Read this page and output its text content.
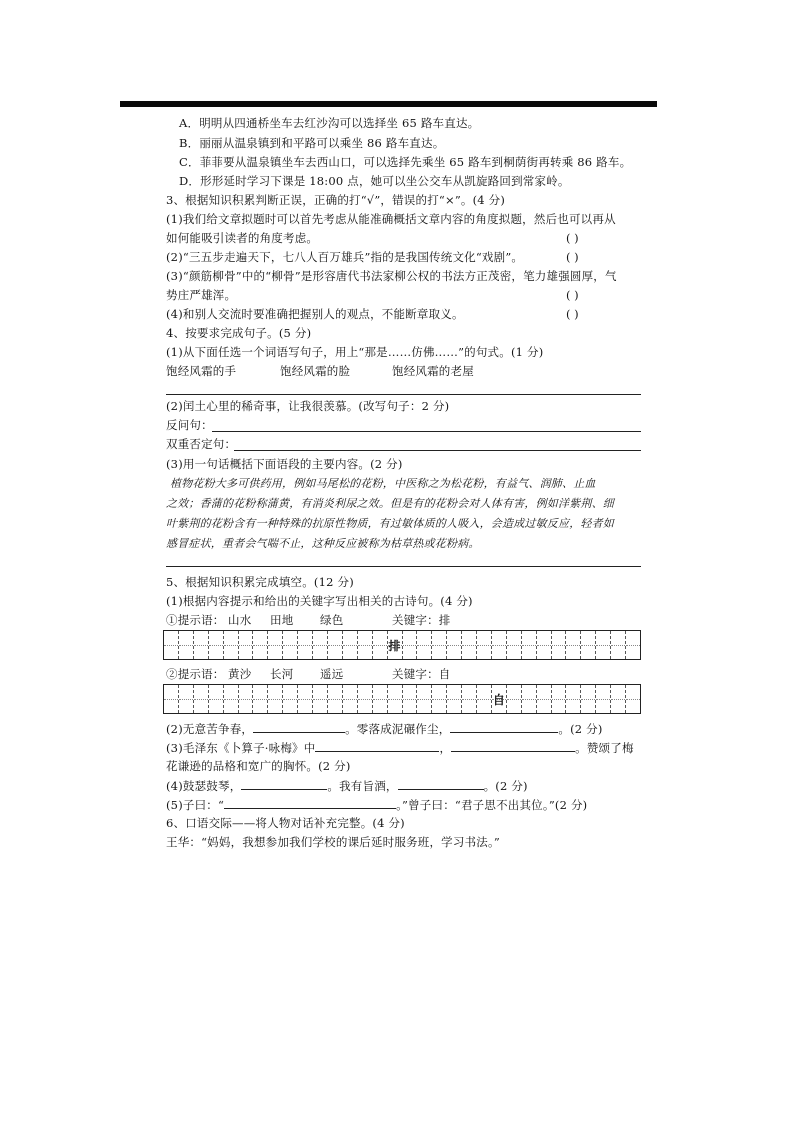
A．明明从四通桥坐车去红沙沟可以选择坐 65 路车直达。
B．丽丽从温泉镇到和平路可以乘坐 86 路车直达。
C．菲菲要从温泉镇坐车去西山口，可以选择先乘坐 65 路车到桐荫街再转乘 86 路车。
D．形形延时学习下课是 18:00 点，她可以坐公交车从凯旋路回到常家岭。
3、根据知识积累判断正误，正确的打“√”，错误的打“×”。(4 分)
(1)我们给文章拟题时可以首先考虑从能准确概括文章内容的角度拟题，然后也可以再从
如何能吸引读者的角度考虑。	( )
(2)“三五步走遍天下，七八人百万雄兵”指的是我国传统文化“戏剧”。	( )
(3)“颜筋柳骨”中的“柳骨”是形容唐代书法家柳公权的书法方正茂密，笔力雄强圆厚，气
势庄严雄浑。	( )
(4)和别人交流时要准确把握别人的观点，不能断章取义。	( )
4、按要求完成句子。(5 分)
(1)从下面任选一个词语写句子，用上“那是……仿佛……”的句式。(1 分)
饱经风霜的手	饱经风霜的脸	饱经风霜的老屋
(2)闰土心里的稀奇事，让我很羡慕。(改写句子：2 分)
反问句：
双重否定句：
(3)用一句话概括下面语段的主要内容。(2 分)
植物花粉大多可供药用，例如马尾松的花粉，中医称之为松花粉，有益气、润肺、止血
之效；香蒲的花粉称蒲黄，有消炎利尿之效。但是有的花粉会对人体有害，例如洋紫荆、细
叶紫荆的花粉含有一种特殊的抗原性物质，有过敏体质的人吸入，会造成过敏反应，轻者如
感冒症状，重者会气喘不止，这种反应被称为枯草热或花粉病。
5、根据知识积累完成填空。(12 分)
(1)根据内容提示和给出的关键字写出相关的古诗句。(4 分)
①提示语： 山水 田地 绿色	关键字：排
排
②提示语： 黄沙 长河 遥远	关键字：自
自
(2)无意苦争春，	。零落成泥碾作尘，	。(2 分)
(3)毛泽东《卜算子·咏梅》中	，	。赞颂了梅
花谦逊的品格和宽广的胸怀。(2 分)
(4)鼓瑟鼓琴，	。我有旨酒，	。(2 分)
(5)子曰：“	。”曾子曰：“君子思不出其位。”(2 分)
6、口语交际——将人物对话补充完整。(4 分)
王华：“妈妈，我想参加我们学校的课后延时服务班，学习书法。”
